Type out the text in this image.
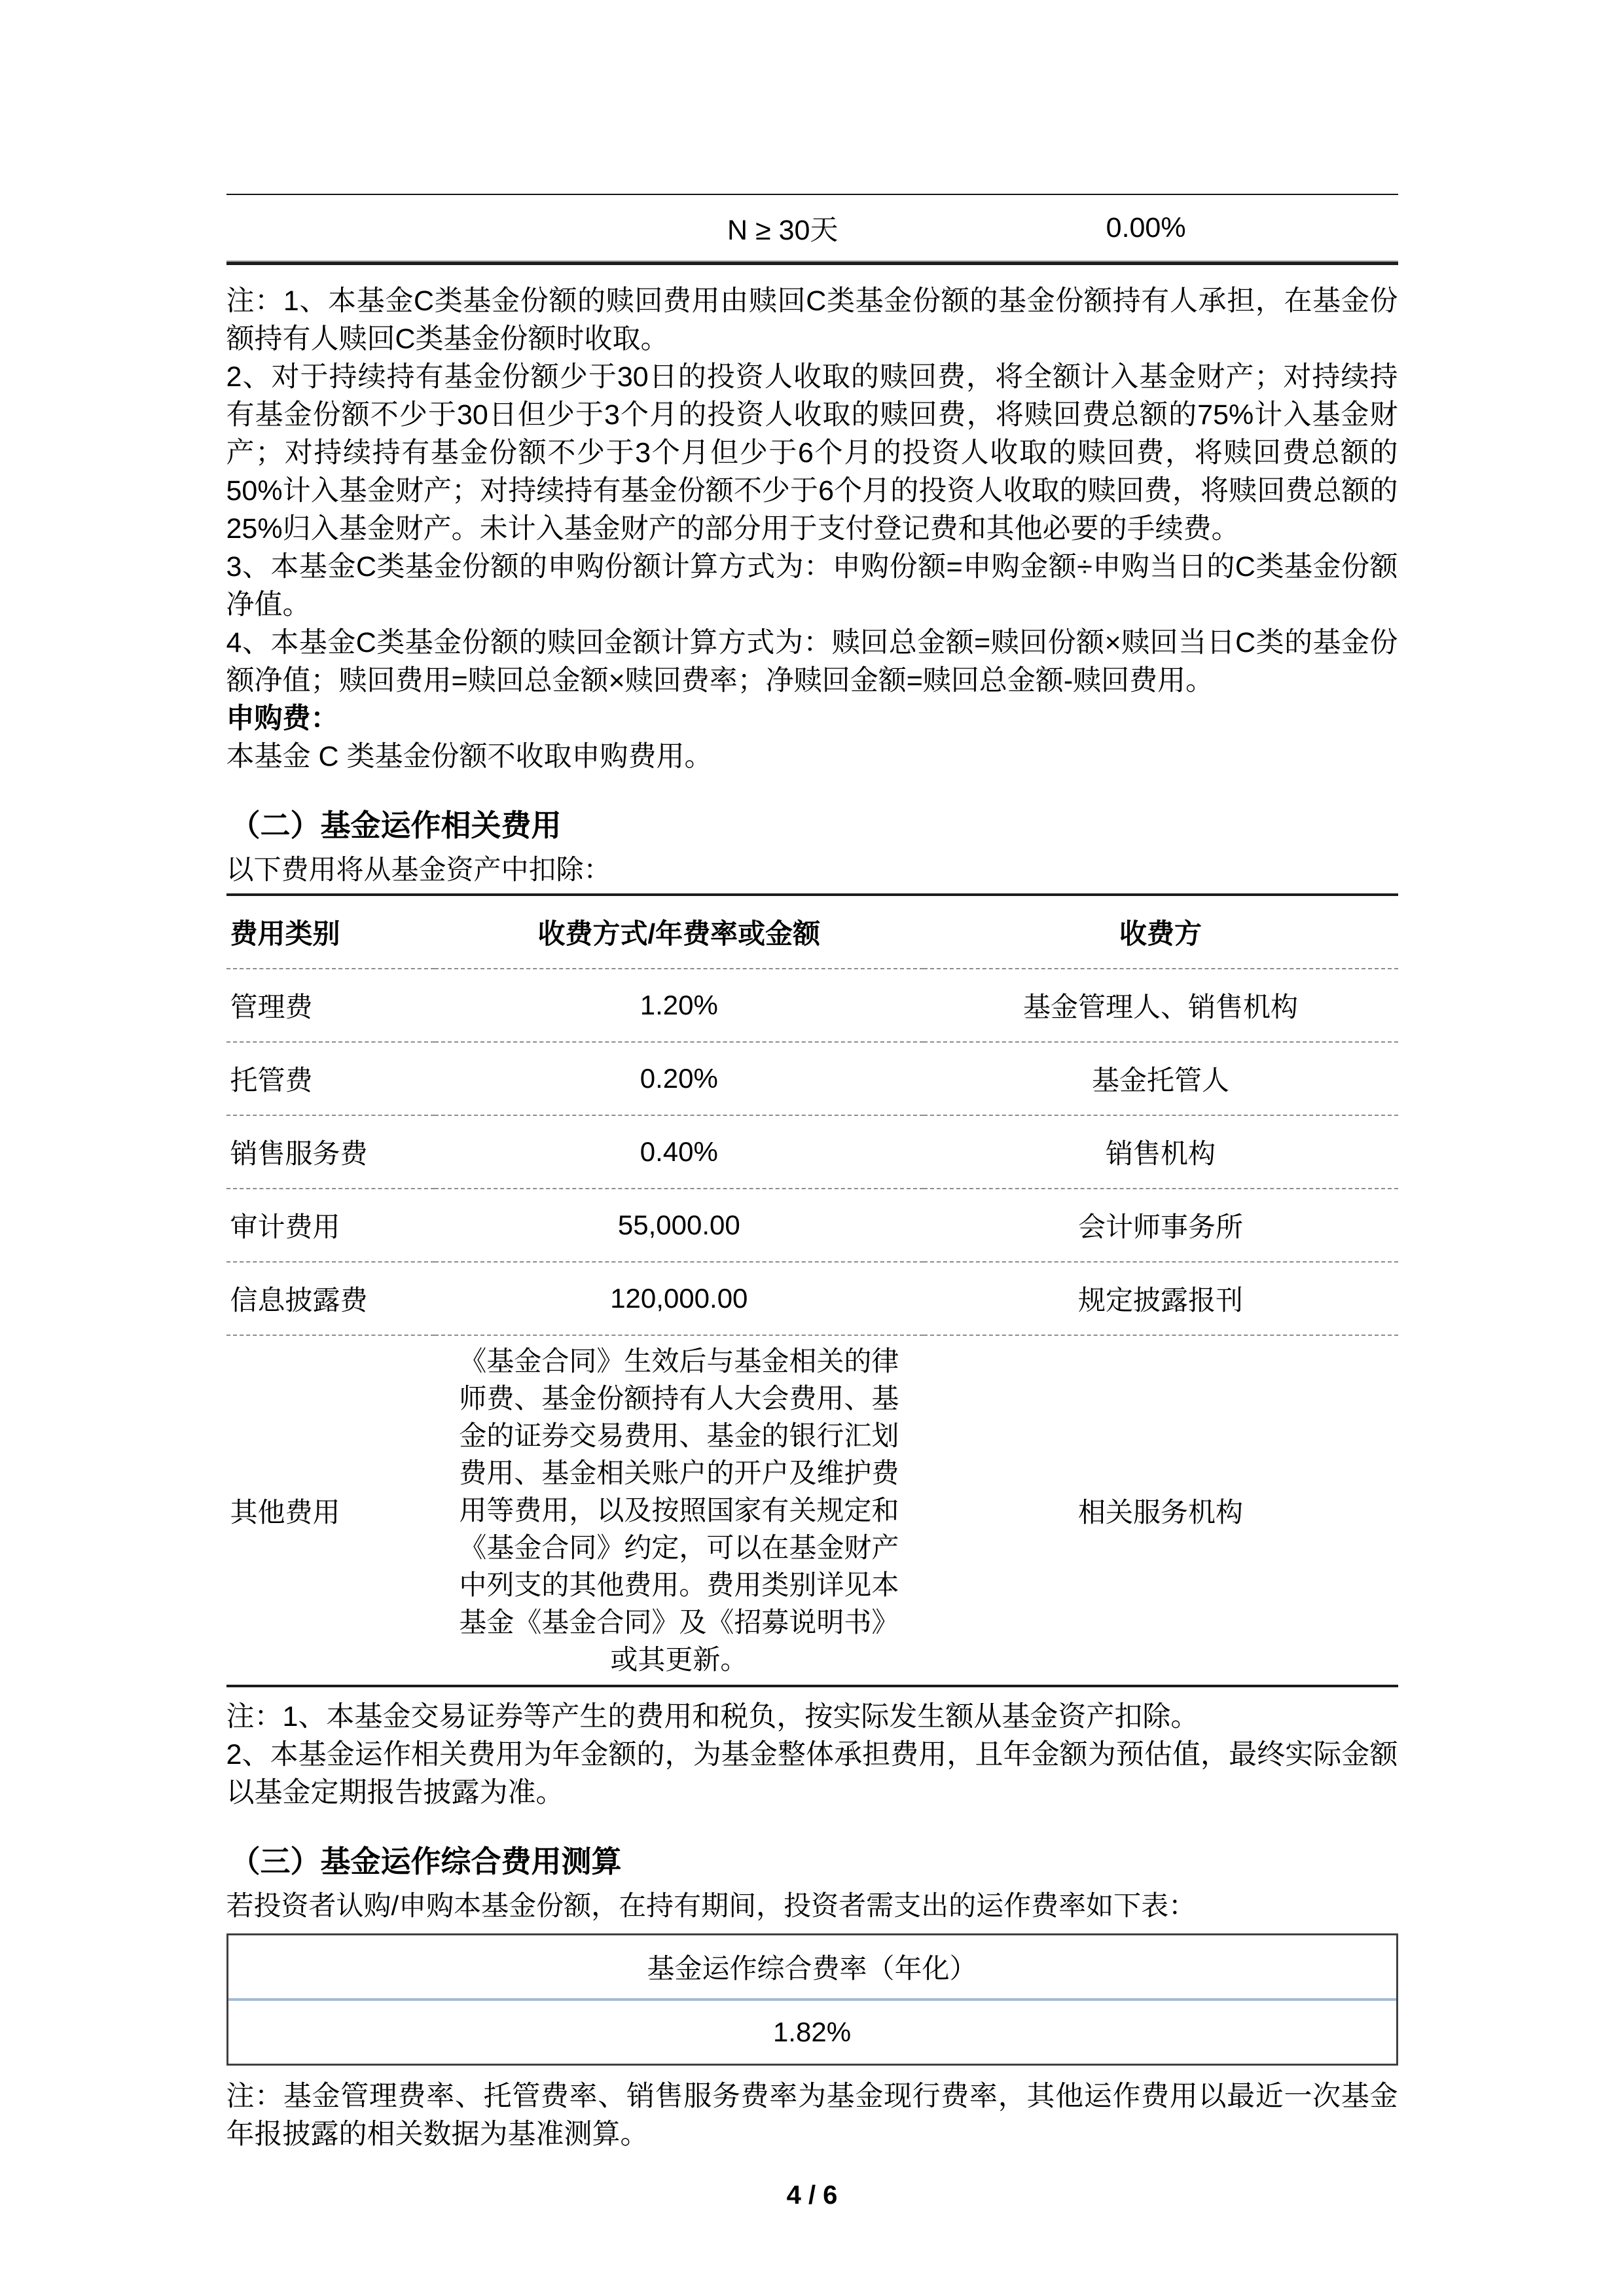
N ≥ 30天	0.00%

注：1、本基金C类基金份额的赎回费用由赎回C类基金份额的基金份额持有人承担，在基金份额持有人赎回C类基金份额时收取。

2、对于持续持有基金份额少于30日的投资人收取的赎回费，将全额计入基金财产；对持续持有基金份额不少于30日但少于3个月的投资人收取的赎回费，将赎回费总额的75%计入基金财产；对持续持有基金份额不少于3个月但少于6个月的投资人收取的赎回费，将赎回费总额的50%计入基金财产；对持续持有基金份额不少于6个月的投资人收取的赎回费，将赎回费总额的25%归入基金财产。未计入基金财产的部分用于支付登记费和其他必要的手续费。

3、本基金C类基金份额的申购份额计算方式为：申购份额=申购金额÷申购当日的C类基金份额净值。

4、本基金C类基金份额的赎回金额计算方式为：赎回总金额=赎回份额×赎回当日C类的基金份额净值；赎回费用=赎回总金额×赎回费率；净赎回金额=赎回总金额-赎回费用。

申购费：

本基金 C 类基金份额不收取申购费用。

（二）基金运作相关费用

以下费用将从基金资产中扣除：

费用类别	收费方式/年费率或金额	收费方
管理费	1.20%	基金管理人、销售机构
托管费	0.20%	基金托管人
销售服务费	0.40%	销售机构
审计费用	55,000.00	会计师事务所
信息披露费	120,000.00	规定披露报刊
其他费用	《基金合同》生效后与基金相关的律师费、基金份额持有人大会费用、基金的证券交易费用、基金的银行汇划费用、基金相关账户的开户及维护费用等费用，以及按照国家有关规定和《基金合同》约定，可以在基金财产中列支的其他费用。费用类别详见本基金《基金合同》及《招募说明书》或其更新。	相关服务机构

注：1、本基金交易证券等产生的费用和税负，按实际发生额从基金资产扣除。

2、本基金运作相关费用为年金额的，为基金整体承担费用，且年金额为预估值，最终实际金额以基金定期报告披露为准。

（三）基金运作综合费用测算

若投资者认购/申购本基金份额，在持有期间，投资者需支出的运作费率如下表：

基金运作综合费率（年化）
1.82%

注：基金管理费率、托管费率、销售服务费率为基金现行费率，其他运作费用以最近一次基金年报披露的相关数据为基准测算。

4 / 6
